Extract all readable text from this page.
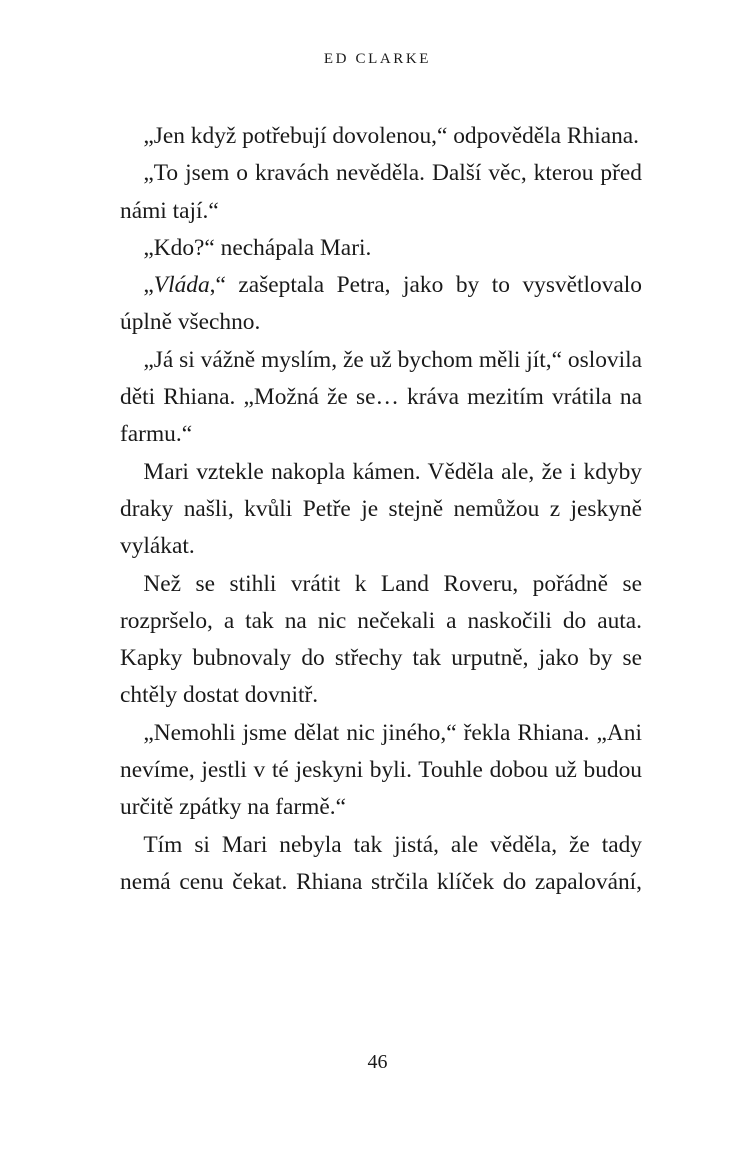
ED CLARKE

„Jen když potřebují dovolenou,“ odpověděla Rhiana.

„To jsem o kravách nevěděla. Další věc, kterou před námi tají.“

„Kdo?“ nechápala Mari.

„Vláda,“ zašeptala Petra, jako by to vysvětlovalo úplně všechno.

„Já si vážně myslím, že už bychom měli jít,“ oslovila děti Rhiana. „Možná že se… kráva mezitím vrátila na farmu.“

Mari vztekle nakopla kámen. Věděla ale, že i kdyby draky našli, kvůli Petře je stejně nemůžou z jeskyně vylákat.

Než se stihli vrátit k Land Roveru, pořádně se rozpršelo, a tak na nic nečekali a naskočili do auta. Kapky bubnovaly do střechy tak urputně, jako by se chtěly dostat dovnitř.

„Nemohli jsme dělat nic jiného,“ řekla Rhiana. „Ani nevíme, jestli v té jeskyni byli. Touhle dobou už budou určitě zpátky na farmě.“

Tím si Mari nebyla tak jistá, ale věděla, že tady nemá cenu čekat. Rhiana strčila klíček do zapalování,

46
